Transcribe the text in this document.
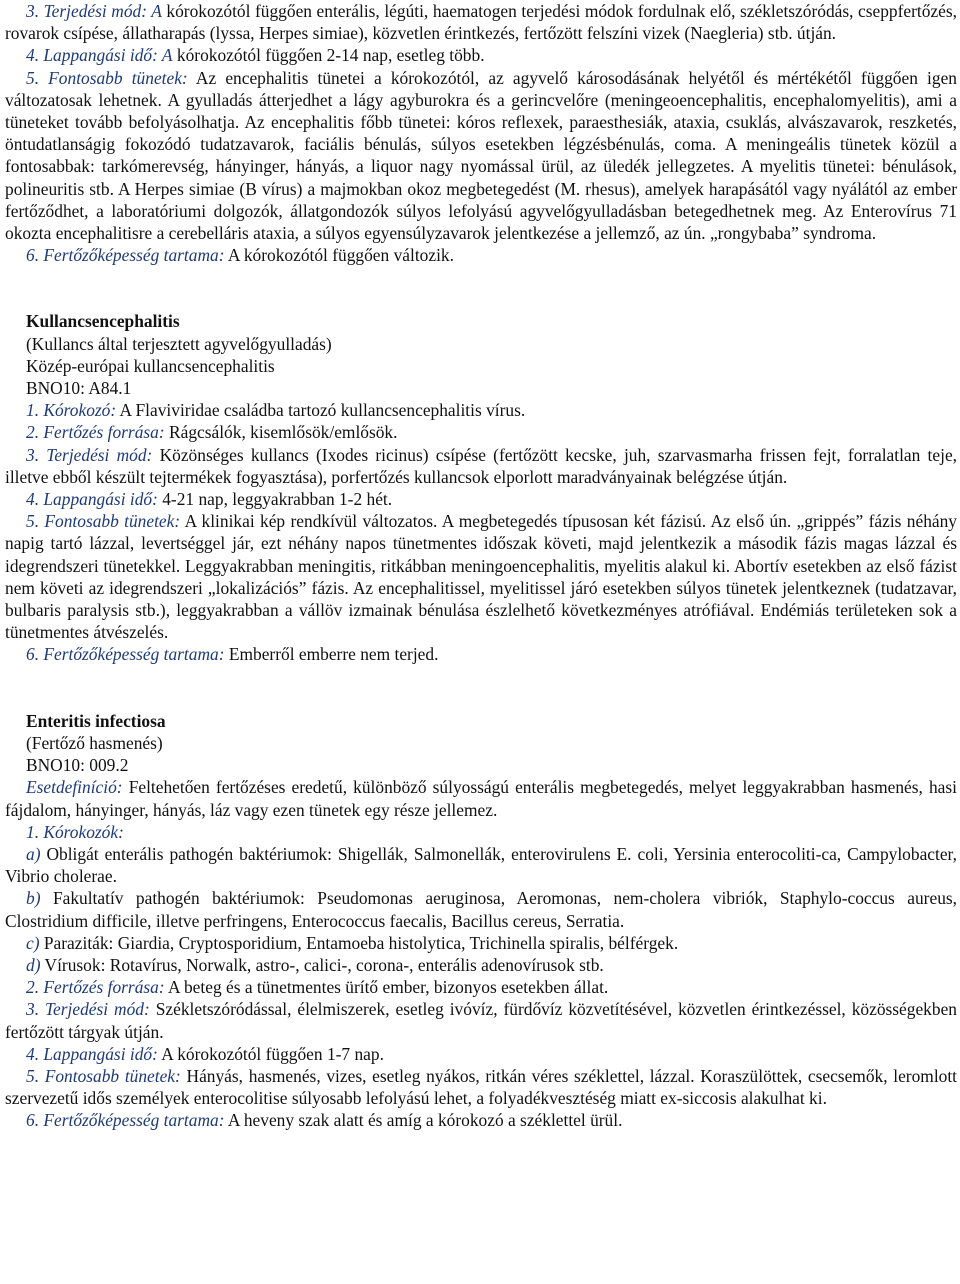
3. Terjedési mód: A kórokozótól függően enterális, légúti, haematogen terjedési módok fordulnak elő, székletszóródás, cseppfertőzés, rovarok csípése, állatharapás (lyssa, Herpes simiae), közvetlen érintkezés, fertőzött felszíni vizek (Naegleria) stb. útján.

4. Lappangási idő: A kórokozótól függően 2-14 nap, esetleg több.

5. Fontosabb tünetek: Az encephalitis tünetei a kórokozótól, az agyvelő károsodásának helyétől és mértékétől függően igen változatosak lehetnek. A gyulladás átterjedhet a lágy agyburokra és a gerincvelőre (meningeoencephalitis, encephalomyelitis), ami a tüneteket tovább befolyásolhatja. Az encephalitis főbb tünetei: kóros reflexek, paraesthesiák, ataxia, csuklás, alvászavarok, reszketés, öntudatlanságig fokozódó tudatzavarok, faciális bénulás, súlyos esetekben légzésbénulás, coma. A meningeális tünetek közül a fontosabbak: tarkómerevség, hányinger, hányás, a liquor nagy nyomással ürül, az üledék jellegzetes. A myelitis tünetei: bénulások, polineuritis stb. A Herpes simiae (B vírus) a majmokban okoz megbetegedést (M. rhesus), amelyek harapásától vagy nyálától az ember fertőződhet, a laboratóriumi dolgozók, állatgondozók súlyos lefolyású agyvelőgyulladásban betegedhetnek meg. Az Enterovírus 71 okozta encephalitisre a cerebelláris ataxia, a súlyos egyensúlyzavarok jelentkezése a jellemző, az ún. „rongybaba” syndroma.

6. Fertőzőképesség tartama: A kórokozótól függően változik.

Kullancsencephalitis

(Kullancs által terjesztett agyvelőgyulladás)

Közép-európai kullancsencephalitis

BNO10: A84.1

1. Kórokozó: A Flaviviridae családba tartozó kullancsencephalitis vírus.

2. Fertőzés forrása: Rágcsálók, kisemlősök/emlősök.

3. Terjedési mód: Közönséges kullancs (Ixodes ricinus) csípése (fertőzött kecske, juh, szarvasmarha frissen fejt, forralatlan teje, illetve ebből készült tejtermékek fogyasztása), porfertőzés kullancsok elporlott maradványainak belégzése útján.

4. Lappangási idő: 4-21 nap, leggyakrabban 1-2 hét.

5. Fontosabb tünetek: A klinikai kép rendkívül változatos. A megbetegedés típusosan két fázisú. Az első ún. „grippés” fázis néhány napig tartó lázzal, levertséggel jár, ezt néhány napos tünetmentes időszak követi, majd jelentkezik a második fázis magas lázzal és idegrendszeri tünetekkel. Leggyakrabban meningitis, ritkábban meningoencephalitis, myelitis alakul ki. Abortív esetekben az első fázist nem követi az idegrendszeri „lokalizációs” fázis. Az encephalitissel, myelitissel járó esetekben súlyos tünetek jelentkeznek (tudatzavar, bulbaris paralysis stb.), leggyakrabban a vállöv izmainak bénulása észlelhető következményes atrófiával. Endémiás területeken sok a tünetmentes átvészelés.

6. Fertőzőképesség tartama: Emberről emberre nem terjed.

Enteritis infectiosa

(Fertőző hasmenés)

BNO10: 009.2

Esetdefiníció: Feltehetően fertőzéses eredetű, különböző súlyosságú enterális megbetegedés, melyet leggyakrabban hasmenés, hasi fájdalom, hányinger, hányás, láz vagy ezen tünetek egy része jellemez.

1. Kórokozók:

a) Obligát enterális pathogén baktériumok: Shigellák, Salmonellák, enterovirulens E. coli, Yersinia enterocoliti-ca, Campylobacter, Vibrio cholerae.

b) Fakultatív pathogén baktériumok: Pseudomonas aeruginosa, Aeromonas, nem-cholera vibriók, Staphylo-coccus aureus, Clostridium difficile, illetve perfringens, Enterococcus faecalis, Bacillus cereus, Serratia.

c) Paraziták: Giardia, Cryptosporidium, Entamoeba histolytica, Trichinella spiralis, bélférgek.

d) Vírusok: Rotavírus, Norwalk, astro-, calici-, corona-, enterális adenovírusok stb.

2. Fertőzés forrása: A beteg és a tünetmentes ürítő ember, bizonyos esetekben állat.

3. Terjedési mód: Székletszóródással, élelmiszerek, esetleg ivóvíz, fürdővíz közvetítésével, közvetlen érintkezéssel, közösségekben fertőzött tárgyak útján.

4. Lappangási idő: A kórokozótól függően 1-7 nap.

5. Fontosabb tünetek: Hányás, hasmenés, vizes, esetleg nyákos, ritkán véres széklettel, lázzal. Koraszülöttek, csecsemők, leromlott szervezetű idős személyek enterocolitise súlyosabb lefolyású lehet, a folyadékvesztéség miatt ex-siccosis alakulhat ki.

6. Fertőzőképesség tartama: A heveny szak alatt és amíg a kórokozó a széklettel ürül.
